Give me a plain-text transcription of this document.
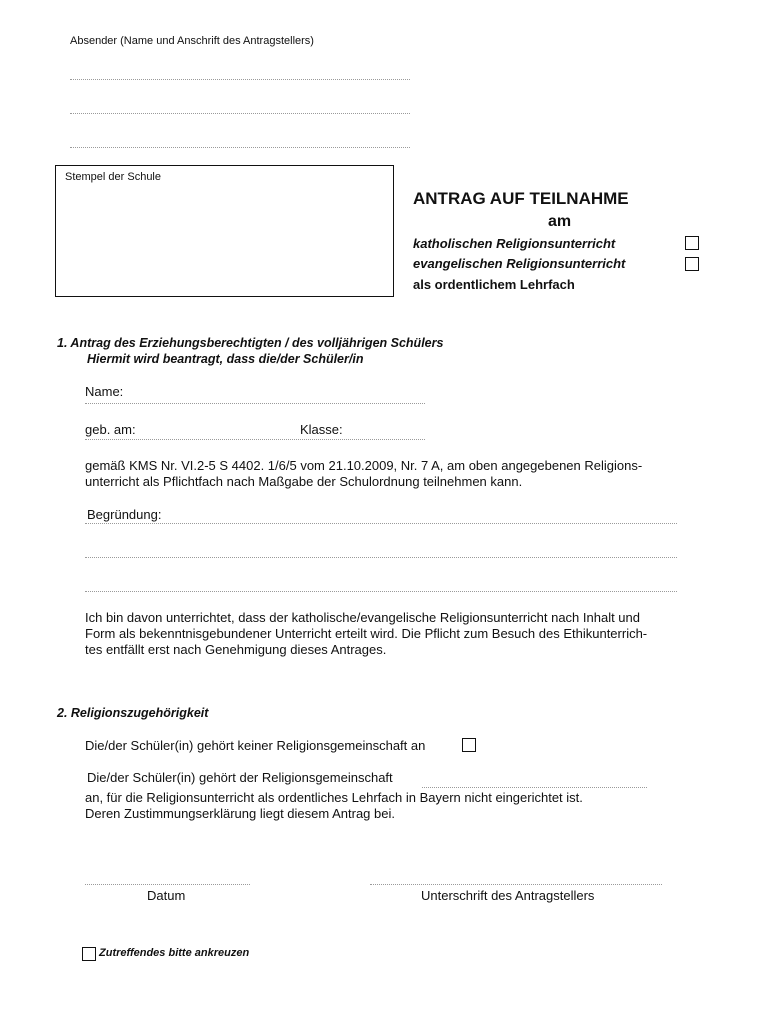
Absender (Name und Anschrift des Antragstellers)
Stempel der Schule
ANTRAG AUF TEILNAHME
am
katholischen Religionsunterricht
evangelischen Religionsunterricht
als ordentlichem Lehrfach
1. Antrag des Erziehungsberechtigten / des volljährigen Schülers
Hiermit wird beantragt, dass die/der Schüler/in
Name:
geb. am:	Klasse:
gemäß KMS Nr. VI.2-5 S 4402. 1/6/5 vom 21.10.2009, Nr. 7 A, am oben angegebenen Religions-
unterricht als Pflichtfach nach Maßgabe der Schulordnung teilnehmen kann.
Begründung:
Ich bin davon unterrichtet, dass der katholische/evangelische Religionsunterricht nach Inhalt und
Form als bekenntnisgebundener Unterricht erteilt wird. Die Pflicht zum Besuch des Ethikunterrich-
tes entfällt erst nach Genehmigung dieses Antrages.
2. Religionszugehörigkeit
Die/der Schüler(in) gehört keiner Religionsgemeinschaft an
Die/der Schüler(in) gehört der Religionsgemeinschaft
an, für die Religionsunterricht als ordentliches Lehrfach in Bayern nicht eingerichtet ist.
Deren Zustimmungserklärung liegt diesem Antrag bei.
Datum	Unterschrift des Antragstellers
Zutreffendes bitte ankreuzen
